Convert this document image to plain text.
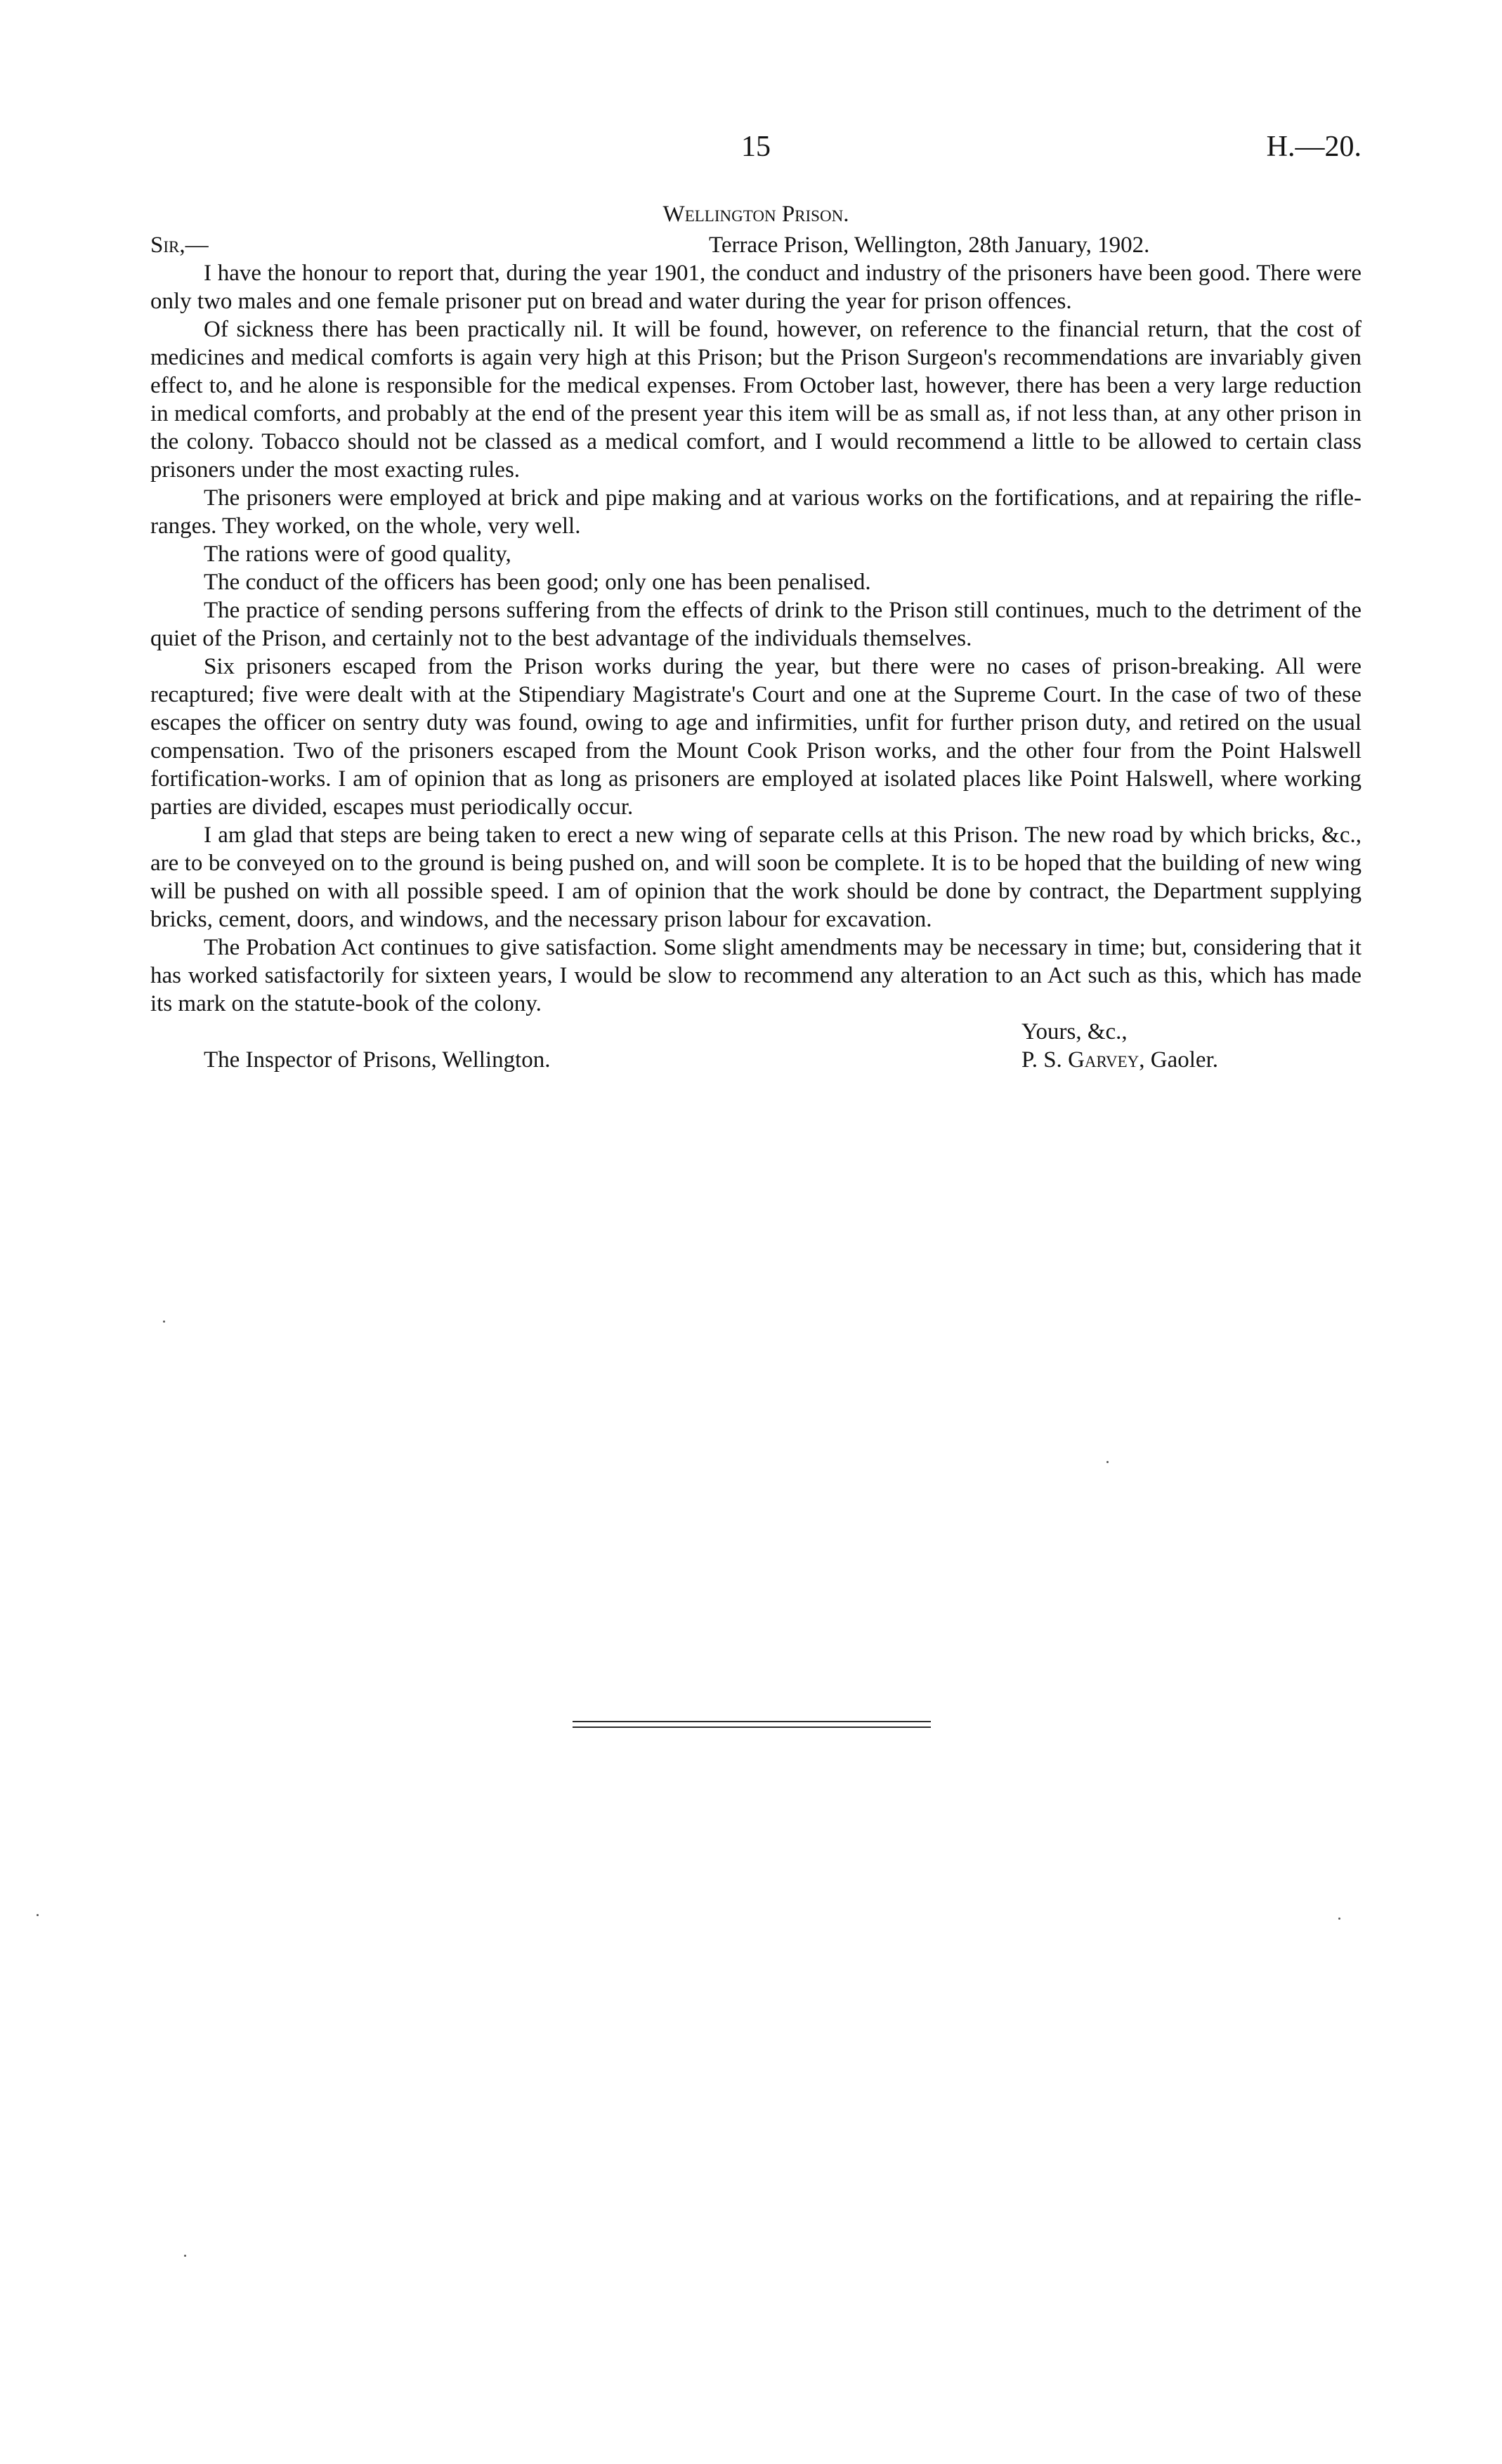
15	H.—20.
Wellington Prison.
Sir,—	Terrace Prison, Wellington, 28th January, 1902.

I have the honour to report that, during the year 1901, the conduct and industry of the prisoners have been good. There were only two males and one female prisoner put on bread and water during the year for prison offences.

Of sickness there has been practically nil. It will be found, however, on reference to the financial return, that the cost of medicines and medical comforts is again very high at this Prison; but the Prison Surgeon's recommendations are invariably given effect to, and he alone is responsible for the medical expenses. From October last, however, there has been a very large reduction in medical comforts, and probably at the end of the present year this item will be as small as, if not less than, at any other prison in the colony. Tobacco should not be classed as a medical comfort, and I would recommend a little to be allowed to certain class prisoners under the most exacting rules.

The prisoners were employed at brick and pipe making and at various works on the fortifications, and at repairing the rifle-ranges. They worked, on the whole, very well.

The rations were of good quality,

The conduct of the officers has been good; only one has been penalised.

The practice of sending persons suffering from the effects of drink to the Prison still continues, much to the detriment of the quiet of the Prison, and certainly not to the best advantage of the individuals themselves.

Six prisoners escaped from the Prison works during the year, but there were no cases of prison-breaking. All were recaptured; five were dealt with at the Stipendiary Magistrate's Court and one at the Supreme Court. In the case of two of these escapes the officer on sentry duty was found, owing to age and infirmities, unfit for further prison duty, and retired on the usual compensation. Two of the prisoners escaped from the Mount Cook Prison works, and the other four from the Point Halswell fortification-works. I am of opinion that as long as prisoners are employed at isolated places like Point Halswell, where working parties are divided, escapes must periodically occur.

I am glad that steps are being taken to erect a new wing of separate cells at this Prison. The new road by which bricks, &c., are to be conveyed on to the ground is being pushed on, and will soon be complete. It is to be hoped that the building of new wing will be pushed on with all possible speed. I am of opinion that the work should be done by contract, the Department supplying bricks, cement, doors, and windows, and the necessary prison labour for excavation.

The Probation Act continues to give satisfaction. Some slight amendments may be necessary in time; but, considering that it has worked satisfactorily for sixteen years, I would be slow to recommend any alteration to an Act such as this, which has made its mark on the statute-book of the colony.

Yours, &c.,
The Inspector of Prisons, Wellington.	P. S. Garvey, Gaoler.
